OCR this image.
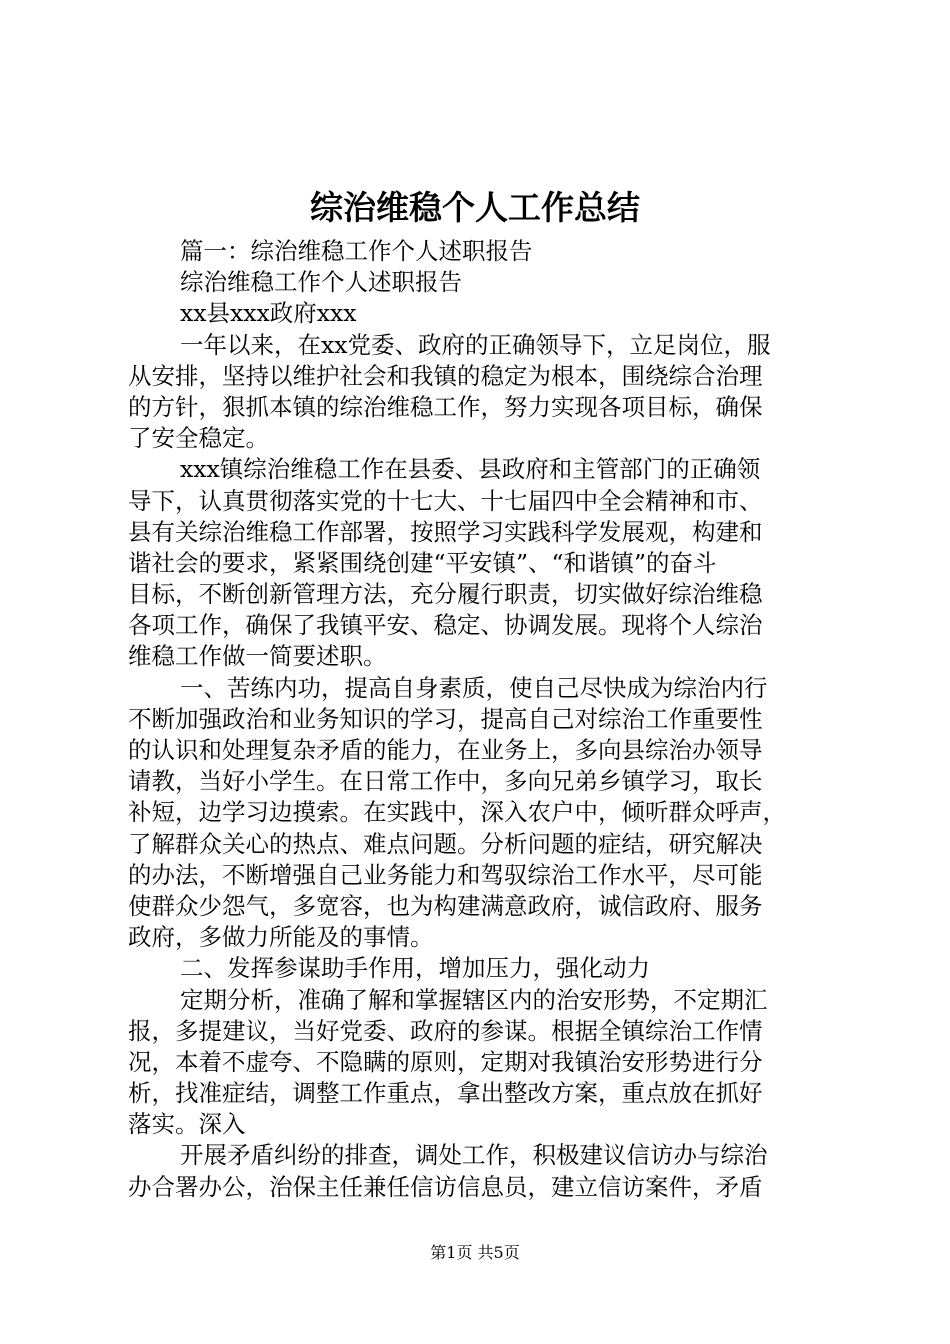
综治维稳个人工作总结
篇一：综治维稳工作个人述职报告
综治维稳工作个人述职报告
xx县xxx政府xxx
一年以来，在xx党委、政府的正确领导下，立足岗位，服
从安排，坚持以维护社会和我镇的稳定为根本，围绕综合治理
的方针，狠抓本镇的综治维稳工作，努力实现各项目标，确保
了安全稳定。
xxx镇综治维稳工作在县委、县政府和主管部门的正确领
导下，认真贯彻落实党的十七大、十七届四中全会精神和市、
县有关综治维稳工作部署，按照学习实践科学发展观，构建和
谐社会的要求，紧紧围绕创建“平安镇”、“和谐镇”的奋斗
目标，不断创新管理方法，充分履行职责，切实做好综治维稳
各项工作，确保了我镇平安、稳定、协调发展。现将个人综治
维稳工作做一简要述职。
一、苦练内功，提高自身素质，使自己尽快成为综治内行
不断加强政治和业务知识的学习，提高自己对综治工作重要性
的认识和处理复杂矛盾的能力，在业务上，多向县综治办领导
请教，当好小学生。在日常工作中，多向兄弟乡镇学习，取长
补短，边学习边摸索。在实践中，深入农户中，倾听群众呼声，
了解群众关心的热点、难点问题。分析问题的症结，研究解决
的办法，不断增强自己业务能力和驾驭综治工作水平，尽可能
使群众少怨气，多宽容，也为构建满意政府，诚信政府、服务
政府，多做力所能及的事情。
二、发挥参谋助手作用，增加压力，强化动力
定期分析，准确了解和掌握辖区内的治安形势，不定期汇
报，多提建议，当好党委、政府的参谋。根据全镇综治工作情
况，本着不虚夸、不隐瞒的原则，定期对我镇治安形势进行分
析，找准症结，调整工作重点，拿出整改方案，重点放在抓好
落实。深入
开展矛盾纠纷的排查，调处工作，积极建议信访办与综治
办合署办公，治保主任兼任信访信息员，建立信访案件，矛盾
第1页 共5页
